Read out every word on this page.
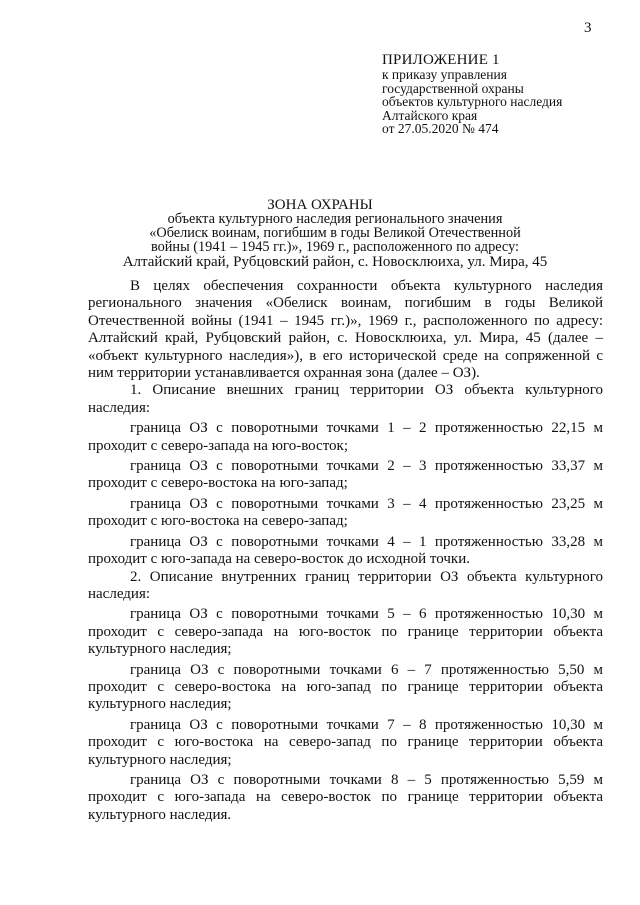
3
ПРИЛОЖЕНИЕ 1
к приказу управления
государственной охраны
объектов культурного наследия
Алтайского края
от 27.05.2020 № 474
ЗОНА ОХРАНЫ
объекта культурного наследия регионального значения
«Обелиск воинам, погибшим в годы Великой Отечественной
войны (1941 – 1945 гг.)», 1969 г., расположенного по адресу:
Алтайский край, Рубцовский район, с. Новосклюиха, ул. Мира, 45

В целях обеспечения сохранности объекта культурного наследия регионального значения «Обелиск воинам, погибшим в годы Великой Отечественной войны (1941 – 1945 гг.)», 1969 г., расположенного по адресу: Алтайский край, Рубцовский район, с. Новосклюиха, ул. Мира, 45 (далее – «объект культурного наследия»), в его исторической среде на сопряженной с ним территории устанавливается охранная зона (далее – ОЗ).

1. Описание внешних границ территории ОЗ объекта культурного наследия:

граница ОЗ с поворотными точками 1 – 2 протяженностью 22,15 м проходит с северо-запада на юго-восток;

граница ОЗ с поворотными точками 2 – 3 протяженностью 33,37 м проходит с северо-востока на юго-запад;

граница ОЗ с поворотными точками 3 – 4 протяженностью 23,25 м проходит с юго-востока на северо-запад;

граница ОЗ с поворотными точками 4 – 1 протяженностью 33,28 м проходит с юго-запада на северо-восток до исходной точки.

2. Описание внутренних границ территории ОЗ объекта культурного наследия:

граница ОЗ с поворотными точками 5 – 6 протяженностью 10,30 м проходит с северо-запада на юго-восток по границе территории объекта культурного наследия;

граница ОЗ с поворотными точками 6 – 7 протяженностью 5,50 м проходит с северо-востока на юго-запад по границе территории объекта культурного наследия;

граница ОЗ с поворотными точками 7 – 8 протяженностью 10,30 м проходит с юго-востока на северо-запад по границе территории объекта культурного наследия;

граница ОЗ с поворотными точками 8 – 5 протяженностью 5,59 м проходит с юго-запада на северо-восток по границе территории объекта культурного наследия.
